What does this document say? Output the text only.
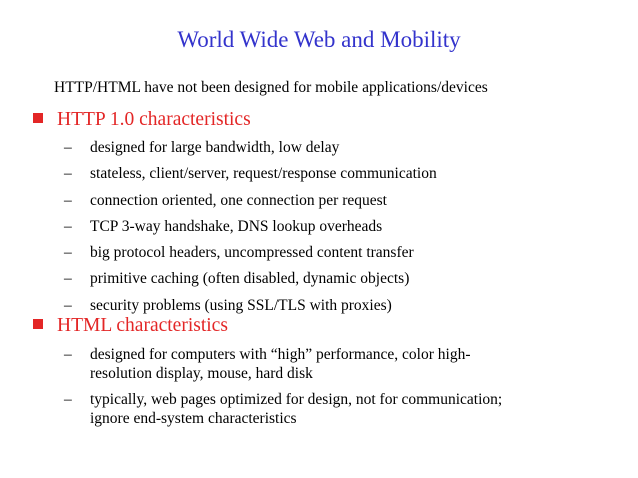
World Wide Web and Mobility
HTTP/HTML have not been designed for mobile applications/devices
HTTP 1.0 characteristics
– designed for large bandwidth, low delay
– stateless, client/server, request/response communication
– connection oriented, one connection per request
– TCP 3-way handshake, DNS lookup overheads
– big protocol headers, uncompressed content transfer
– primitive caching (often disabled, dynamic objects)
– security problems (using SSL/TLS with proxies)
HTML characteristics
– designed for computers with “high” performance, color high-
resolution display, mouse, hard disk
– typically, web pages optimized for design, not for communication;
ignore end-system characteristics
